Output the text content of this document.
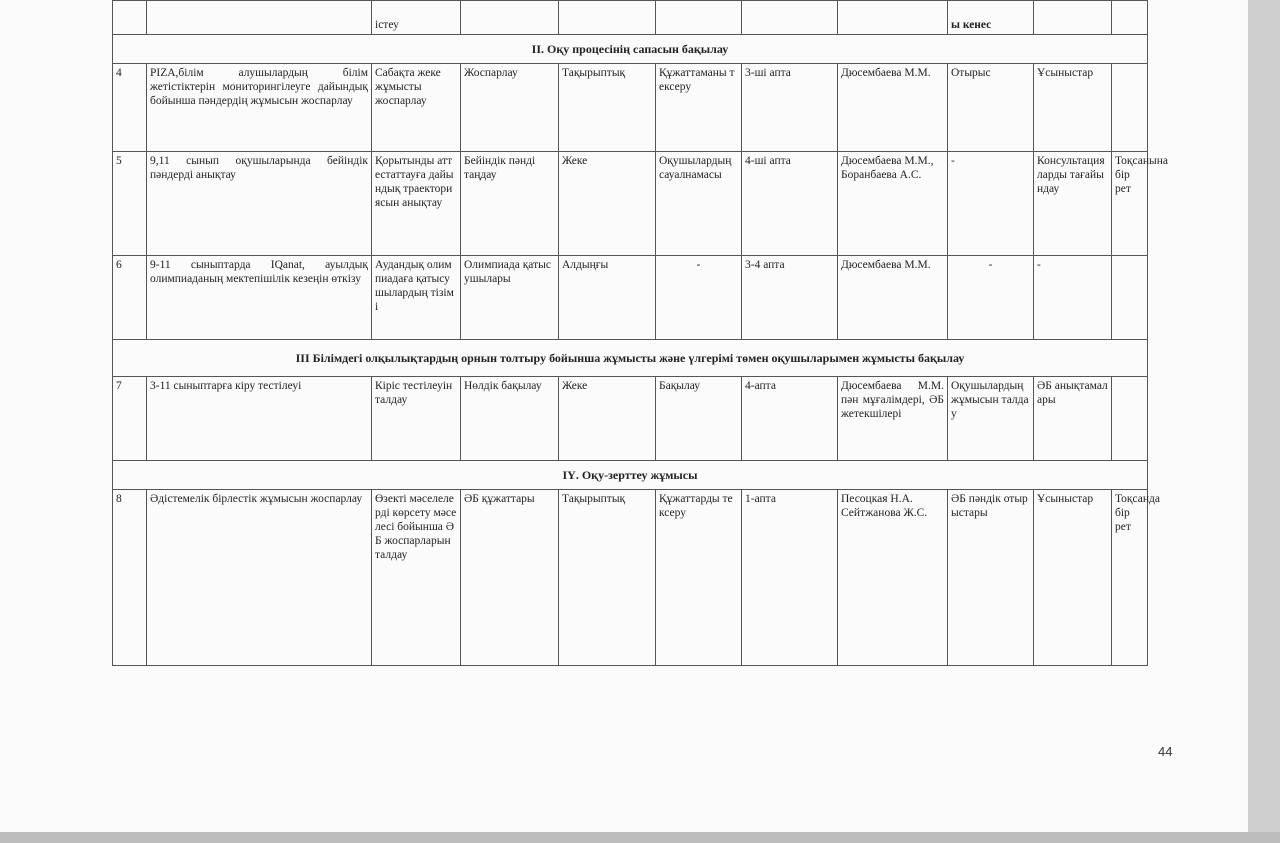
		істеу						ы кенес		
ІІ. Оқу процесінің сапасын бақылау										
4	PIZA,білім алушылардың білім жетістіктерін мониторингілеуге дайындық бойынша пәндердің жұмысын жоспарлау	Сабақта жеке жұмысты жоспарлау	Жоспарлау	Тақырыптық	Құжаттаманы тексеру	3-ші апта	Дюсембаева М.М.	Отырыс	Ұсыныстар	
5	9,11 сынып оқушыларында бейіндік пәндерді анықтау	Қорытынды аттестаттауға дайындық траекториясын анықтау	Бейіндік пәнді таңдау	Жеке	Оқушылардың сауалнамасы	4-ші апта	Дюсембаева М.М., Боранбаева А.С.	-	Консультацияларды тағайындау	Тоқсанына бір рет
6	9-11 сыныптарда IQanat, ауылдық олимпиаданың мектепішілік кезеңін өткізу	Аудандық олимпиадаға қатысушылардың тізімі	Олимпиада қатысушылары	Алдыңғы	-	3-4 апта	Дюсембаева М.М.	-	-	
ІІІ Білімдегі олқылықтардың орнын толтыру бойынша жұмысты және үлгерімі төмен оқушыларымен жұмысты бақылау										
7	3-11 сыныптарға кіру тестілеуі	Кіріс тестілеуін талдау	Нөлдік бақылау	Жеке	Бақылау	4-апта	Дюсембаева М.М. пән мұғалімдері, ӘБ жетекшілері	Оқушылардың жұмысын талдау	ӘБ анықтамалары	
ІҮ. Оқу-зерттеу жұмысы										
8	Әдістемелік бірлестік жұмысын жоспарлау	Өзекті мәселелерді көрсету мәселесі бойынша ӘБ жоспарларын талдау	ӘБ құжаттары	Тақырыптық	Құжаттарды тексеру	1-апта	Песоцкая Н.А. Сейтжанова Ж.С.	ӘБ пәндік отырыстары	Ұсыныстар	Тоқсанда бір рет
44
